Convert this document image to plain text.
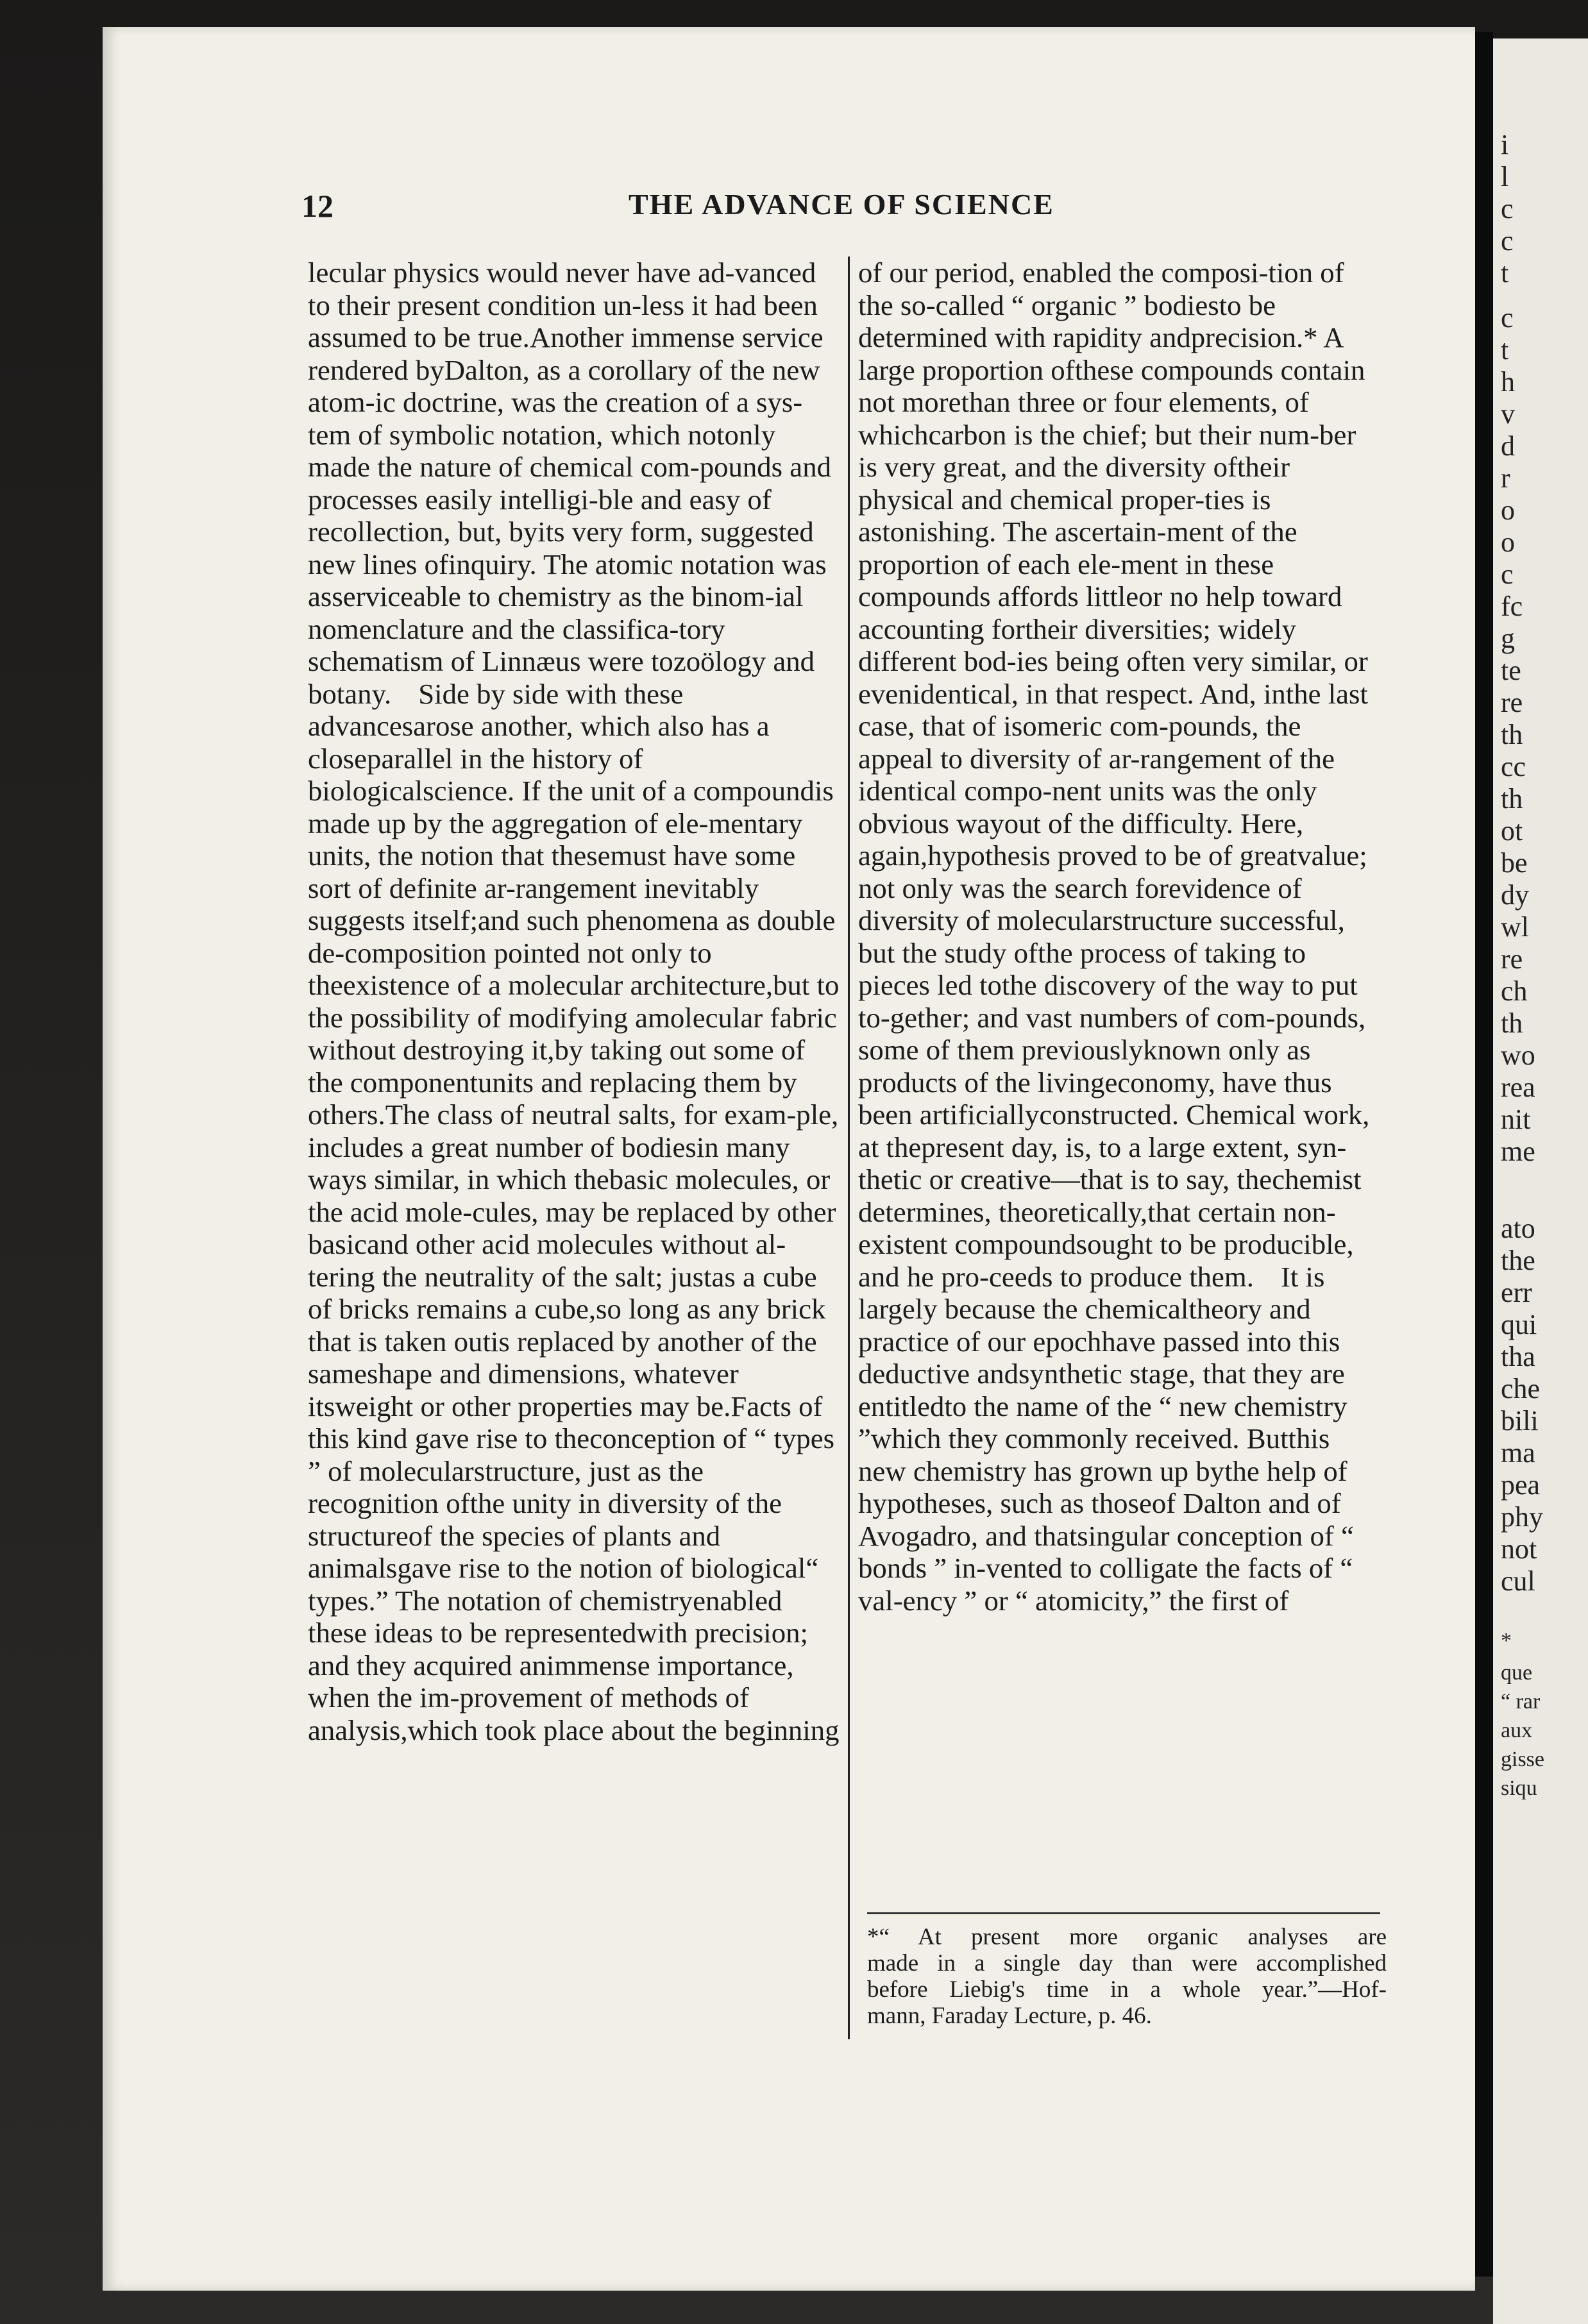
i
l
c
c
t
c
t
h
v
d
r
o
o
c
fc
g
te
re
th
cc
th
ot
be
dy
wl
re
ch
th
wo
rea
nit
me
ato
the
err
qui
tha
che
bili
ma
pea
phy
not
cul
*
que
“ rar
aux
gisse
siqu
12	THE ADVANCE OF SCIENCE
lecular physics would never have ad-vanced to their present condition un-less it had been assumed to be true.Another immense service rendered byDalton, as a corollary of the new atom-ic doctrine, was the creation of a sys-tem of symbolic notation, which notonly made the nature of chemical com-pounds and processes easily intelligi-ble and easy of recollection, but, byits very form, suggested new lines ofinquiry. The atomic notation was asserviceable to chemistry as the binom-ial nomenclature and the classifica-tory schematism of Linnæus were tozoölogy and botany. Side by side with these advancesarose another, which also has a closeparallel in the history of biologicalscience. If the unit of a compoundis made up by the aggregation of ele-mentary units, the notion that thesemust have some sort of definite ar-rangement inevitably suggests itself;and such phenomena as double de-composition pointed not only to theexistence of a molecular architecture,but to the possibility of modifying amolecular fabric without destroying it,by taking out some of the componentunits and replacing them by others.The class of neutral salts, for exam-ple, includes a great number of bodiesin many ways similar, in which thebasic molecules, or the acid mole-cules, may be replaced by other basicand other acid molecules without al-tering the neutrality of the salt; justas a cube of bricks remains a cube,so long as any brick that is taken outis replaced by another of the sameshape and dimensions, whatever itsweight or other properties may be.Facts of this kind gave rise to theconception of “ types ” of molecularstructure, just as the recognition ofthe unity in diversity of the structureof the species of plants and animalsgave rise to the notion of biological“ types.” The notation of chemistryenabled these ideas to be representedwith precision; and they acquired animmense importance, when the im-provement of methods of analysis,which took place about the beginning
of our period, enabled the composi-tion of the so-called “ organic ” bodiesto be determined with rapidity andprecision.* A large proportion ofthese compounds contain not morethan three or four elements, of whichcarbon is the chief; but their num-ber is very great, and the diversity oftheir physical and chemical proper-ties is astonishing. The ascertain-ment of the proportion of each ele-ment in these compounds affords littleor no help toward accounting fortheir diversities; widely different bod-ies being often very similar, or evenidentical, in that respect. And, inthe last case, that of isomeric com-pounds, the appeal to diversity of ar-rangement of the identical compo-nent units was the only obvious wayout of the difficulty. Here, again,hypothesis proved to be of greatvalue; not only was the search forevidence of diversity of molecularstructure successful, but the study ofthe process of taking to pieces led tothe discovery of the way to put to-gether; and vast numbers of com-pounds, some of them previouslyknown only as products of the livingeconomy, have thus been artificiallyconstructed. Chemical work, at thepresent day, is, to a large extent, syn-thetic or creative—that is to say, thechemist determines, theoretically,that certain non-existent compoundsought to be producible, and he pro-ceeds to produce them. It is largely because the chemicaltheory and practice of our epochhave passed into this deductive andsynthetic stage, that they are entitledto the name of the “ new chemistry ”which they commonly received. Butthis new chemistry has grown up bythe help of hypotheses, such as thoseof Dalton and of Avogadro, and thatsingular conception of “ bonds ” in-vented to colligate the facts of “ val-ency ” or “ atomicity,” the first of
*“ At present more organic analyses are
made in a single day than were accomplished
before Liebig's time in a whole year.”—Hof-
mann, Faraday Lecture, p. 46.
